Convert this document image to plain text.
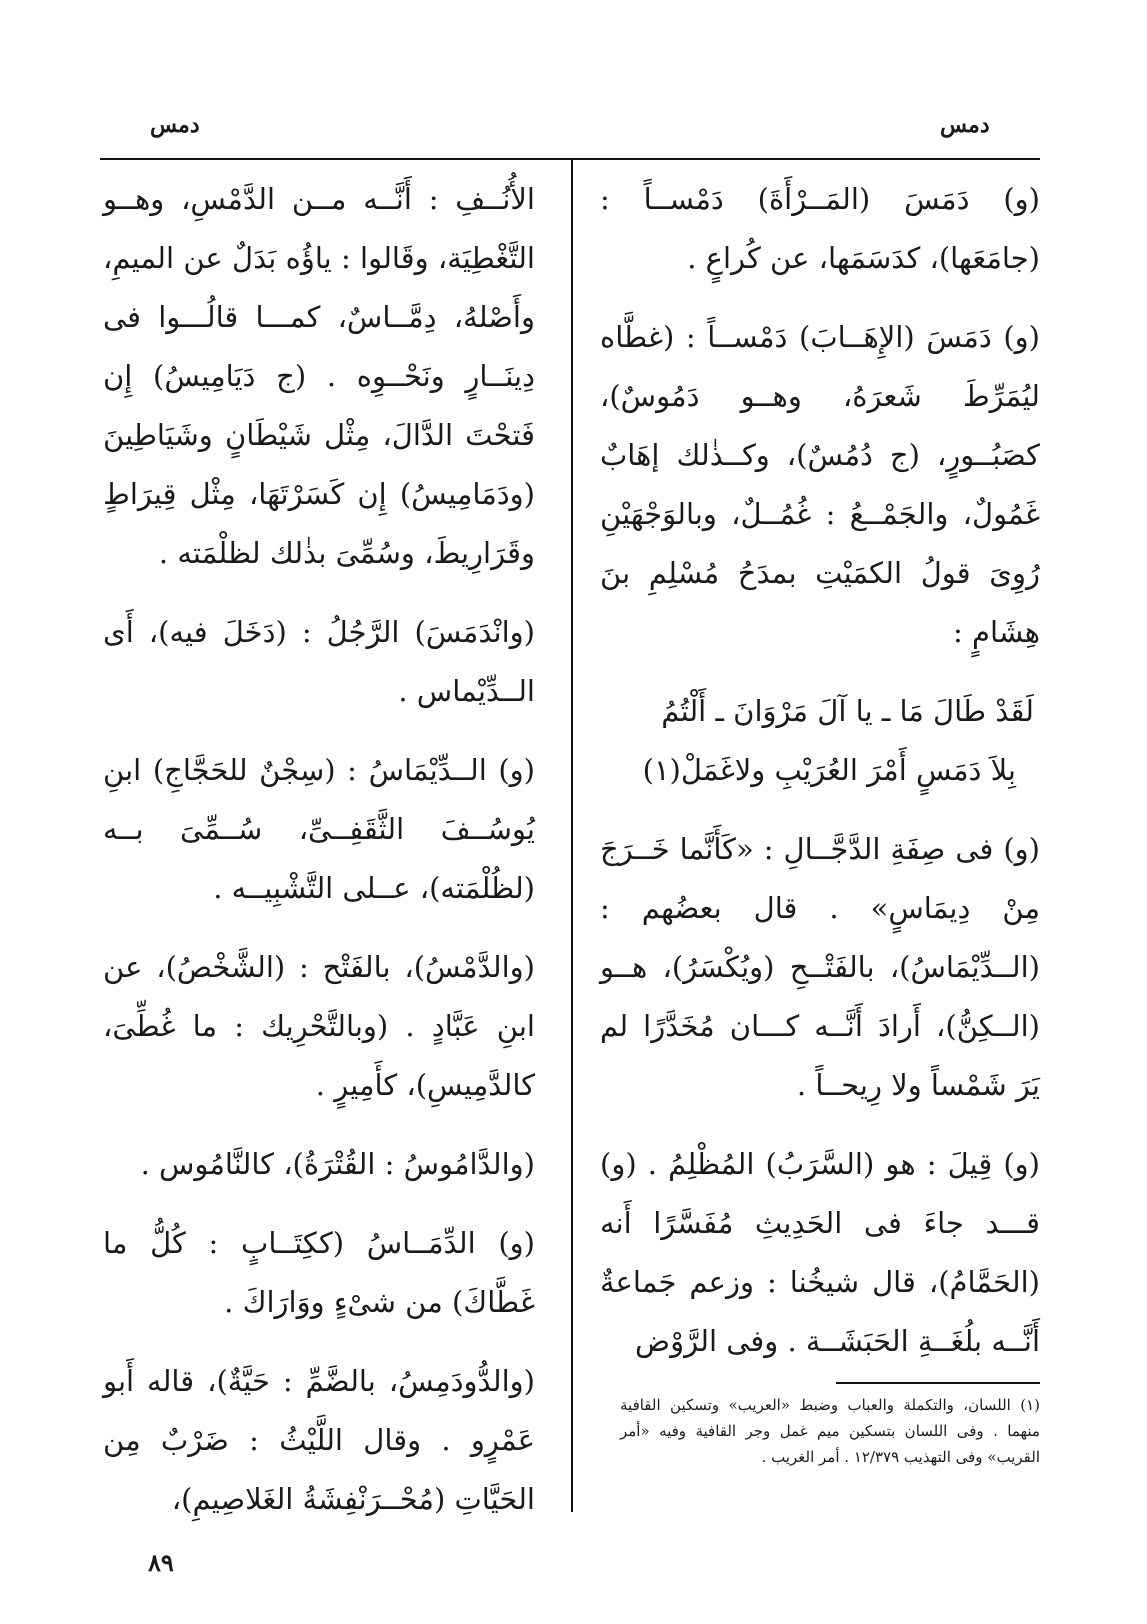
دمس
دمس

(و) دَمَسَ (المَــرْأَةَ) دَمْســاً : (جامَعَها)، كدَسَمَها، عن كُراعٍ .

(و) دَمَسَ (الإِهَــابَ) دَمْســاً : (غطَّاه ليُمَرِّطَ شَعرَهُ، وهــو دَمُوسٌ)، كصَبُــورٍ، (ج دُمُسٌ)، وكــذٰلك إهَابٌ غَمُولٌ، والجَمْــعُ : غُمُــلٌ، وبالوَجْهَيْنِ رُوِىَ قولُ الكمَيْتِ بمدَحُ مُسْلِمِ بنَ هِشَامٍ :

لَقَدْ طَالَ مَا ـ يا آلَ مَرْوَانَ ـ أَلْتُمُ
بِلاَ دَمَسٍ أَمْرَ العُرَيْبِ ولاغَمَلْ(١)

(و) فى صِفَةِ الدَّجَّــالِ : «كَأَنَّما خَــرَجَ مِنْ دِيمَاسٍ» . قال بعضُهم : (الــدِّيْمَاسُ)، بالفَتْــحِ (ويُكْسَرُ)، هــو (الــكِنُّ)، أَرادَ أَنَّــه كـــان مُخَدَّرًا لم يَرَ شَمْساً ولا رِيحــاً .

(و) قِيلَ : هو (السَّرَبُ) المُظْلِمُ . (و) قـــد جاءَ فى الحَدِيثِ مُفَسَّرًا أَنه (الحَمَّامُ)، قال شيخُنا : وزعم جَماعةٌ أَنَّــه بلُغَــةِ الحَبَشَــة . وفى الرَّوْض

الأُنُــفِ : أَنَّــه مــن الدَّمْسِ، وهــو التَّغْطِيَة، وقَالوا : ياؤُه بَدَلٌ عن الميمِ، وأَصْلهُ، دِمَّــاسٌ، كمـــا قالُـــوا فى دِينَــارٍ ونَحْــوِه . (ج دَيَامِيسُ) إِن فَتحْتَ الدَّالَ، مِثْل شَيْطَانٍ وشَيَاطِينَ (ودَمَامِيسُ) إِن كَسَرْتَهَا، مِثْل قِيرَاطٍ وقَرَارِيطَ، وسُمِّىَ بذٰلك لظلْمَته .

(وانْدَمَسَ) الرَّجُلُ : (دَخَلَ فيه)، أَى الــدِّيْماس .

(و) الــدِّيْمَاسُ : (سِجْنٌ للحَجَّاجِ) ابنِ يُوسُــفَ الثَّقَفِــىِّ، سُــمِّىَ بــه (لظُلْمَته)، عــلى التَّشْبِيــه .

(والدَّمْسُ)، بالفَتْح : (الشَّخْصُ)، عن ابنِ عَبَّادٍ . (وبالتَّحْرِيك : ما غُطِّىَ، كالدَّمِيسِ)، كأَمِيرٍ .

(والدَّامُوسُ : القُتْرَةُ)، كالنَّامُوس .

(و) الدِّمَــاسُ (ككِتَــابٍ : كُلُّ ما غَطَّاكَ) من شىْءٍ ووَارَاكَ .

(والدُّودَمِسُ، بالضَّمِّ : حَيَّةٌ)، قاله أَبو عَمْرٍو . وقال اللَّيْثُ : ضَرْبٌ مِن الحَيَّاتِ (مُحْــرَنْفِشَةُ الغَلاصِيمِ)،

(١) اللسان، والتكملة والعباب وضبط «العريب» وتسكين القافية منهما . وفى اللسان بتسكين ميم غمل وجر القافية وفيه «أمر القريب» وفى التهذيب ١٢/٣٧٩ . أمر الغريب .
٨٩
